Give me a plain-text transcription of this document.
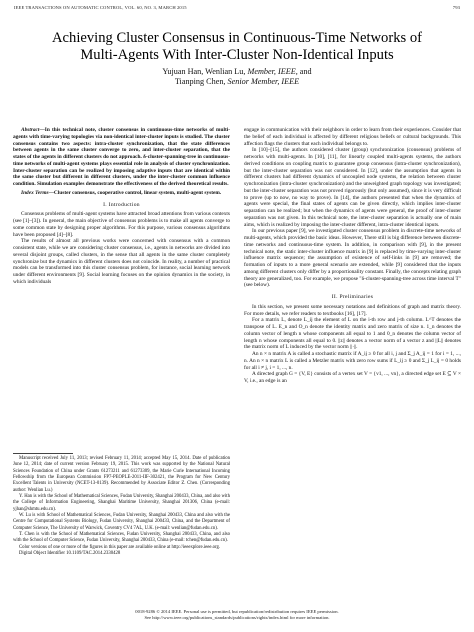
IEEE TRANSACTIONS ON AUTOMATIC CONTROL, VOL. 60, NO. 3, MARCH 2015	793
Achieving Cluster Consensus in Continuous-Time Networks of
Multi-Agents With Inter-Cluster Non-Identical Inputs
Yujuan Han, Wenlian Lu, Member, IEEE, and
Tianping Chen, Senior Member, IEEE

Abstract—In this technical note, cluster consensus in continuous-time networks of multi-agents with time-varying topologies via non-identical inter-cluster inputs is studied. The cluster consensus contains two aspects: intra-cluster synchronization, that the state differences between agents in the same cluster converge to zero, and inter-cluster separation, that the states of the agents in different clusters do not approach. δ-cluster-spanning-tree in continuous-time networks of multi-agent systems plays essential role in analysis of cluster synchronization. Inter-cluster separation can be realized by imposing adaptive inputs that are identical within the same cluster but different in different clusters, under the inter-cluster common influence condition. Simulation examples demonstrate the effectiveness of the derived theoretical results.

Index Terms—Cluster consensus, cooperative control, linear system, multi-agent system.

I. Introduction

Consensus problems of multi-agent systems have attracted broad attentions from various contexts (see [1]–[3]). In general, the main objective of consensus problems is to make all agents converge to some common state by designing proper algorithms. For this purpose, various consensus algorithms have been proposed [4]–[8].

The results of almost all previous works were concerned with consensus with a common consistent state, while we are considering cluster consensus, i.e., agents in networks are divided into several disjoint groups, called clusters, in the sense that all agents in the same cluster completely synchronize but the dynamics in different clusters does not coincide. In reality, a number of practical models can be transformed into this cluster consensus problem, for instance, social learning network under different environments [9]. Social learning focuses on the opinion dynamics in the society, in which individuals

Manuscript received July 11, 2013; revised February 11, 2014; accepted May 15, 2014. Date of publication June 12, 2014; date of current version February 19, 2015. This work was supported by the National Natural Sciences Foundation of China under Grants 61273211 and 61273309, the Marie Curie International Incoming Fellowship from the European Commission FP7-PEOPLE-2011-IIF-302421, the Program for New Century Excellent Talents in University (NCET-13-0139). Recommended by Associate Editor Z. Chen. (Corresponding author: Wenlian Lu.)

Y. Han is with the School of Mathematical Sciences, Fudan University, Shanghai 200433, China, and also with the College of Information Engineering, Shanghai Maritime University, Shanghai 201306, China (e-mail: yjhan@shmtu.edu.cn).

W. Lu is with School of Mathematical Sciences, Fudan University, Shanghai 200433, China and also with the Centre for Computational Systems Biology, Fudan University, Shanghai 200433, China, and the Department of Computer Science, The University of Warwick, Coventry CV4 7AL, U.K. (e-mail: wenlian@fudan.edu.cn).

T. Chen is with the School of Mathematical Sciences, Fudan University, Shanghai 200433, China, and also with the School of Computer Science, Fudan University, Shanghai 200433, China (e-mail: tchen@fudan.edu.cn).

Color versions of one or more of the figures in this paper are available online at http://ieeexplore.ieee.org.

Digital Object Identifier 10.1109/TAC.2014.2330428

engage in communication with their neighbors in order to learn from their experiences. Consider that the belief of each individual is affected by different religious beliefs or cultural backgrounds. This affection flags the clusters that each individual belongs to.

In [10]–[15], the authors considered cluster (group) synchronization (consensus) problems of networks with multi-agents. In [10], [11], for linearly coupled multi-agents systems, the authors derived conditions on coupling matrix to guarantee group consensus (intra-cluster synchronization), but the inter-cluster separation was not considered. In [12], under the assumption that agents in different clusters had different dynamics of uncoupled node systems, the relation between cluster synchronization (intra-cluster synchronization) and the unweighted graph topology was investigated; but the inter-cluster separation was not proved rigorously (but only assumed), since it is very difficult to prove (up to now, no way to prove). In [14], the authors presented that when the dynamics of agents were special, the final states of agents can be given directly, which implies inter-cluster separation can be realized; but when the dynamics of agents were general, the proof of inter-cluster separation was not given. In this technical note, the inter-cluster separation is actually one of main aims, which is realized by imposing the inter-cluster different, intra-cluster identical inputs.

In our previous paper [9], we investigated cluster consensus problem in discrete-time networks of multi-agents, which provided the basic ideas. However, There still is big difference between discrete-time networks and continuous-time system. In addition, in comparison with [9], in the present technical note, the static inter-cluster influence matrix in [9] is replaced by time-varying inter-cluster influence matrix sequence; the assumption of existence of self-links in [9] are removed; the formation of inputs to a more general scenario are extended, while [9] considered that the inputs among different clusters only differ by a proportionality constant. Finally, the concepts relating graph theory are generalized, too. For example, we propose "δ-cluster-spanning-tree across time interval T" (see below).

II. Preliminaries

In this section, we present some necessary notations and definitions of graph and matrix theory. For more details, we refer readers to textbooks [16], [17].

For a matrix L, denote L_ij the element of L on the i-th row and j-th column. L^T denotes the transpose of L. E_n and O_n denote the identity matrix and zero matrix of size n. 1_n denotes the column vector of length n whose components all equal to 1 and 0_n denotes the column vector of length n whose components all equal to 0. ||z|| denotes a vector norm of a vector z and ||L|| denotes the matrix norm of L induced by the vector norm ||·||.

An n × n matrix A is called a stochastic matrix if A_ij ≥ 0 for all i, j and Σ_j A_ij = 1 for i = 1, ..., n. An n × n matrix L is called a Metzler matrix with zero row sums if L_ij ≥ 0 and Σ_j L_ij = 0 holds for all i ≠ j, i = 1, ..., n.

A directed graph G = {V, E} consists of a vertex set V = {v1, ..., vn}, a directed edge set E ⊆ V × V, i.e., an edge is an

0018-9286 © 2014 IEEE. Personal use is permitted, but republication/redistribution requires IEEE permission.
See http://www.ieee.org/publications_standards/publications/rights/index.html for more information.
